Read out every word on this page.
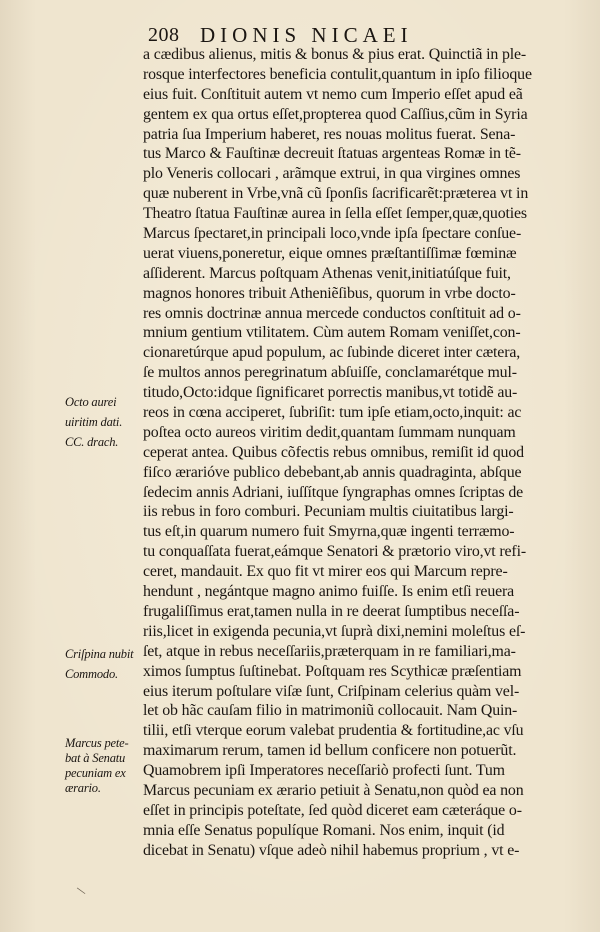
208 DIONIS NICAEI
a cædibus alienus, mitis & bonus & pius erat. Quinctiã in ple-
rosque interfectores beneficia contulit,quantum in ipſo filioque
eius fuit. Conſtituit autem vt nemo cum Imperio eſſet apud eã
gentem ex qua ortus eſſet,propterea quod Caſſius,cũm in Syria
patria ſua Imperium haberet, res nouas molitus fuerat. Sena-
tus Marco & Fauſtinæ decreuit ſtatuas argenteas Romæ in tẽ-
plo Veneris collocari , arãmque extrui, in qua virgines omnes
quæ nuberent in Vrbe,vnã cũ ſponſis ſacrificarẽt:præterea vt in
Theatro ſtatua Fauſtinæ aurea in ſella eſſet ſemper,quæ,quoties
Marcus ſpectaret,in principali loco,vnde ipſa ſpectare conſue-
uerat viuens,poneretur, eique omnes præſtantiſſimæ fœminæ
aſſiderent. Marcus poſtquam Athenas venit,initiatúſque fuit,
magnos honores tribuit Atheniẽſibus, quorum in vrbe docto-
res omnis doctrinæ annua mercede conductos conſtituit ad o-
mnium gentium vtilitatem. Cùm autem Romam veniſſet,con-
cionaretúrque apud populum, ac ſubinde diceret inter cætera,
ſe multos annos peregrinatum abſuiſſe, conclamarétque mul-
titudo,Octo:idque ſignificaret porrectis manibus,vt totidẽ au-
reos in cœna acciperet, ſubriſit: tum ipſe etiam,octo,inquit: ac
poſtea octo aureos viritim dedit,quantam ſummam nunquam
ceperat antea. Quibus cõfectis rebus omnibus, remiſit id quod
fiſco ærarióve publico debebant,ab annis quadraginta, abſque
ſedecim annis Adriani, iuſſítque ſyngraphas omnes ſcriptas de
iis rebus in foro comburi. Pecuniam multis ciuitatibus largi-
tus eſt,in quarum numero fuit Smyrna,quæ ingenti terræmo-
tu conquaſſata fuerat,eámque Senatori & prætorio viro,vt refi-
ceret, mandauit. Ex quo fit vt mirer eos qui Marcum repre-
hendunt , negántque magno animo fuiſſe. Is enim etſi reuera
frugaliſſimus erat,tamen nulla in re deerat ſumptibus neceſſa-
riis,licet in exigenda pecunia,vt ſuprà dixi,nemini moleſtus eſ-
ſet, atque in rebus neceſſariis,præterquam in re familiari,ma-
ximos ſumptus ſuſtinebat. Poſtquam res Scythicæ præſentiam
eius iterum poſtulare viſæ ſunt, Criſpinam celerius quàm vel-
let ob hãc cauſam filio in matrimoniũ collocauit. Nam Quin-
tilii, etſi vterque eorum valebat prudentia & fortitudine,ac vſu
maximarum rerum, tamen id bellum conficere non potuerũt.
Quamobrem ipſi Imperatores neceſſariò profecti ſunt. Tum
Marcus pecuniam ex ærario petiuit à Senatu,non quòd ea non
eſſet in principis poteſtate, ſed quòd diceret eam cæteráque o-
mnia eſſe Senatus populíque Romani. Nos enim, inquit (id
dicebat in Senatu) vſque adeò nihil habemus proprium , vt e-
Octo aurei
uiritim dati.
CC. drach.
Criſpina nubit
Commodo.
Marcus pete-
bat à Senatu
pecuniam ex
ærario.
\
